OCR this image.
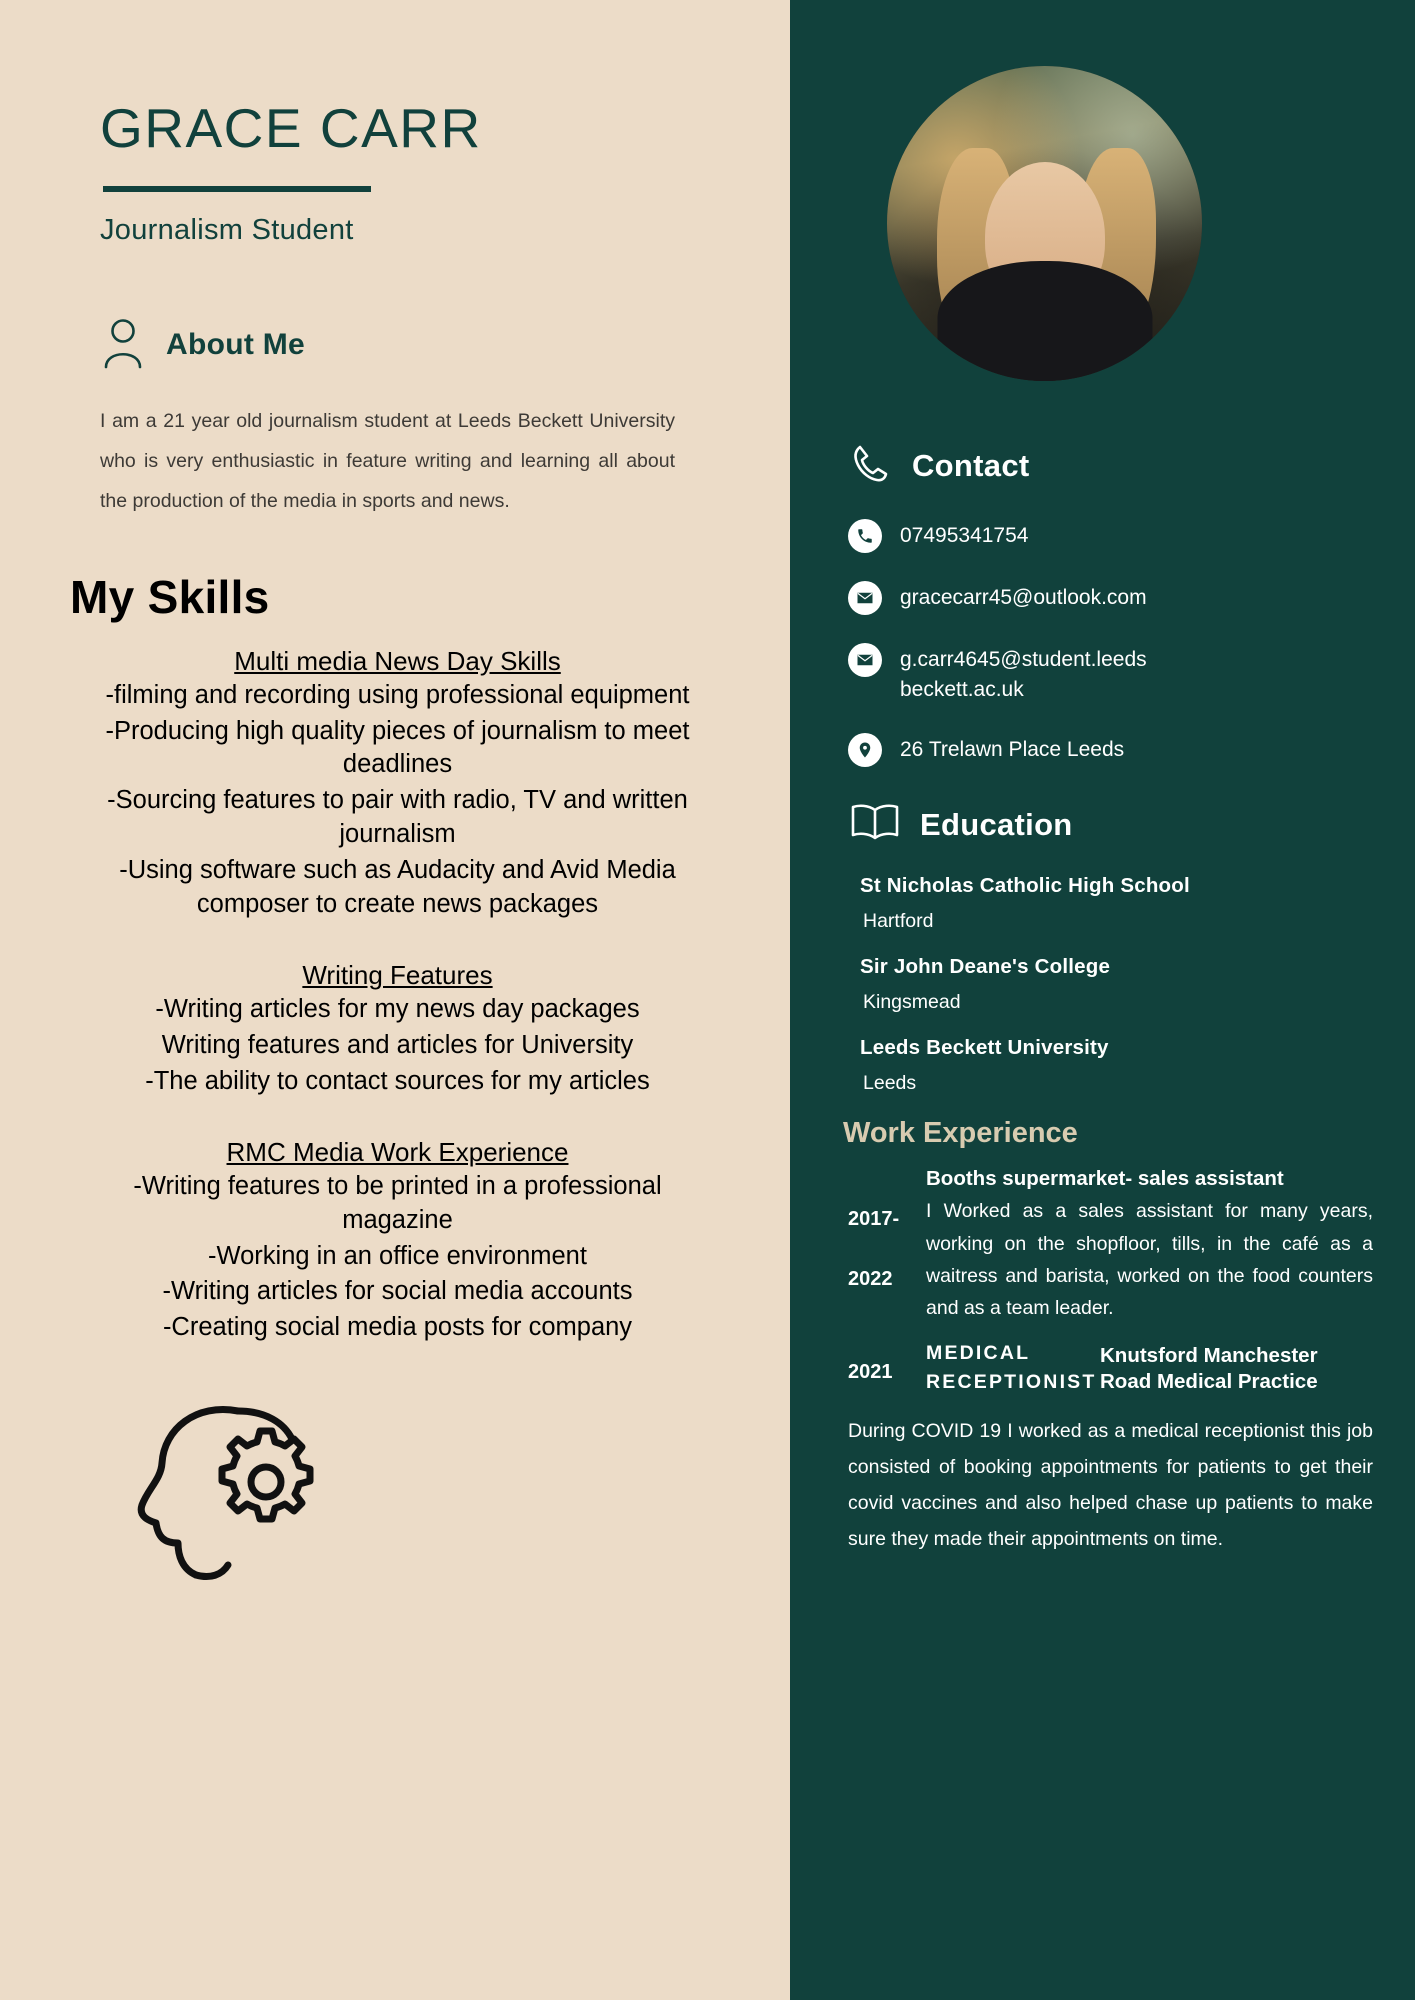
GRACE CARR
Journalism Student
About Me
I am a 21 year old journalism student at Leeds Beckett University who is very enthusiastic in feature writing and learning all about the production of the media in sports and news.
My Skills
Multi media News Day Skills
-filming and recording using professional equipment
-Producing high quality pieces of journalism to meet deadlines
-Sourcing features to pair with radio, TV and written journalism
-Using software such as Audacity and Avid Media composer to create news packages
Writing Features
-Writing articles for my news day packages
Writing features and articles for University
-The ability to contact sources for my articles
RMC Media Work Experience
-Writing features to be printed in a professional magazine
-Working in an office environment
-Writing articles for social media accounts
-Creating social media posts for company
Contact
07495341754
gracecarr45@outlook.com
g.carr4645@student.leeds beckett.ac.uk
26 Trelawn Place Leeds
Education
St Nicholas Catholic High School
Hartford
Sir John Deane's College
Kingsmead
Leeds Beckett University
Leeds
Work Experience
2017-
2022
Booths supermarket- sales assistant
I Worked as a sales assistant for many years, working on the shopfloor, tills, in the café as a waitress and barista, worked on the food counters and as a team leader.
2021
MEDICAL RECEPTIONIST
Knutsford Manchester Road Medical Practice
During COVID 19 I worked as a medical receptionist this job consisted of booking appointments for patients to get their covid vaccines and also helped chase up patients to make sure they made their appointments on time.
